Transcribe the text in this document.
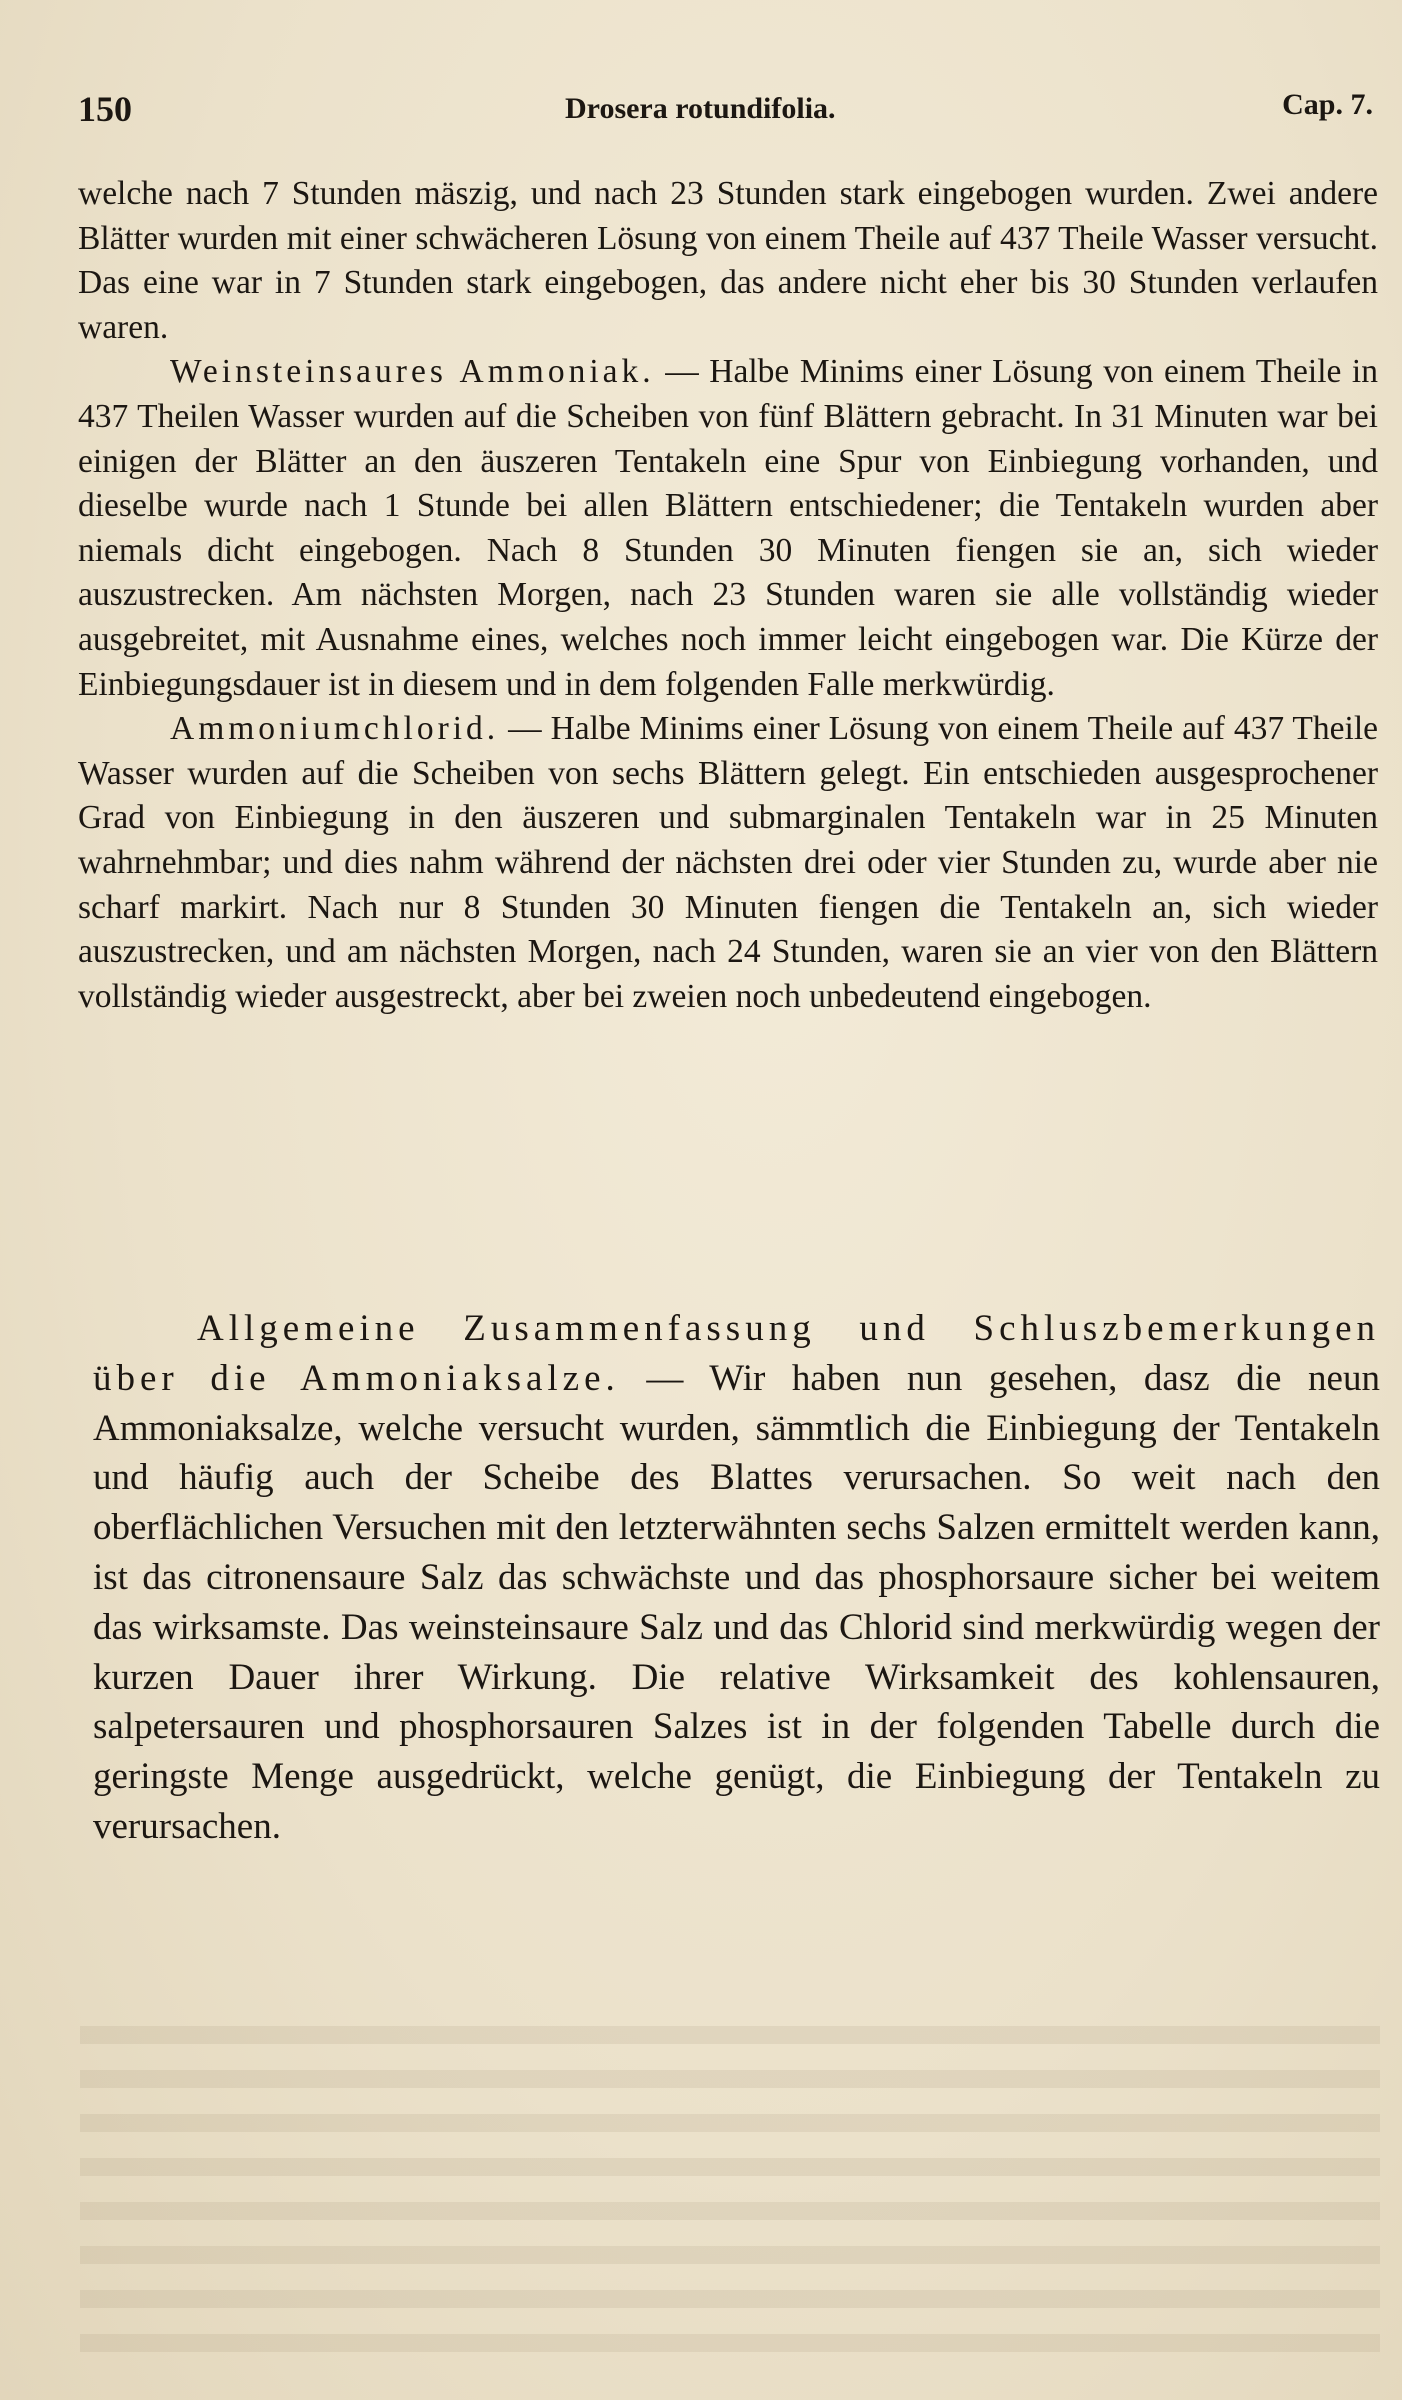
150	Drosera rotundifolia.	Cap. 7.

welche nach 7 Stunden mäszig, und nach 23 Stunden stark eingebogen wurden. Zwei andere Blätter wurden mit einer schwächeren Lösung von einem Theile auf 437 Theile Wasser versucht. Das eine war in 7 Stunden stark eingebogen, das andere nicht eher bis 30 Stunden verlaufen waren.

Weinsteinsaures Ammoniak. — Halbe Minims einer Lösung von einem Theile in 437 Theilen Wasser wurden auf die Scheiben von fünf Blättern gebracht. In 31 Minuten war bei einigen der Blätter an den äuszeren Tentakeln eine Spur von Einbiegung vorhanden, und dieselbe wurde nach 1 Stunde bei allen Blättern entschiedener; die Tentakeln wurden aber niemals dicht eingebogen. Nach 8 Stunden 30 Minuten fiengen sie an, sich wieder auszustrecken. Am nächsten Morgen, nach 23 Stunden waren sie alle vollständig wieder ausgebreitet, mit Ausnahme eines, welches noch immer leicht eingebogen war. Die Kürze der Einbiegungsdauer ist in diesem und in dem folgenden Falle merkwürdig.

Ammoniumchlorid. — Halbe Minims einer Lösung von einem Theile auf 437 Theile Wasser wurden auf die Scheiben von sechs Blättern gelegt. Ein entschieden ausgesprochener Grad von Einbiegung in den äuszeren und submarginalen Tentakeln war in 25 Minuten wahrnehmbar; und dies nahm während der nächsten drei oder vier Stunden zu, wurde aber nie scharf markirt. Nach nur 8 Stunden 30 Minuten fiengen die Tentakeln an, sich wieder auszustrecken, und am nächsten Morgen, nach 24 Stunden, waren sie an vier von den Blättern vollständig wieder ausgestreckt, aber bei zweien noch unbedeutend eingebogen.

Allgemeine Zusammenfassung und Schluszbemerkungen über die Ammoniaksalze. — Wir haben nun gesehen, dasz die neun Ammoniaksalze, welche versucht wurden, sämmtlich die Einbiegung der Tentakeln und häufig auch der Scheibe des Blattes verursachen. So weit nach den oberflächlichen Versuchen mit den letzterwähnten sechs Salzen ermittelt werden kann, ist das citronensaure Salz das schwächste und das phosphorsaure sicher bei weitem das wirksamste. Das weinsteinsaure Salz und das Chlorid sind merkwürdig wegen der kurzen Dauer ihrer Wirkung. Die relative Wirksamkeit des kohlensauren, salpetersauren und phosphorsauren Salzes ist in der folgenden Tabelle durch die geringste Menge ausgedrückt, welche genügt, die Einbiegung der Tentakeln zu verursachen.
